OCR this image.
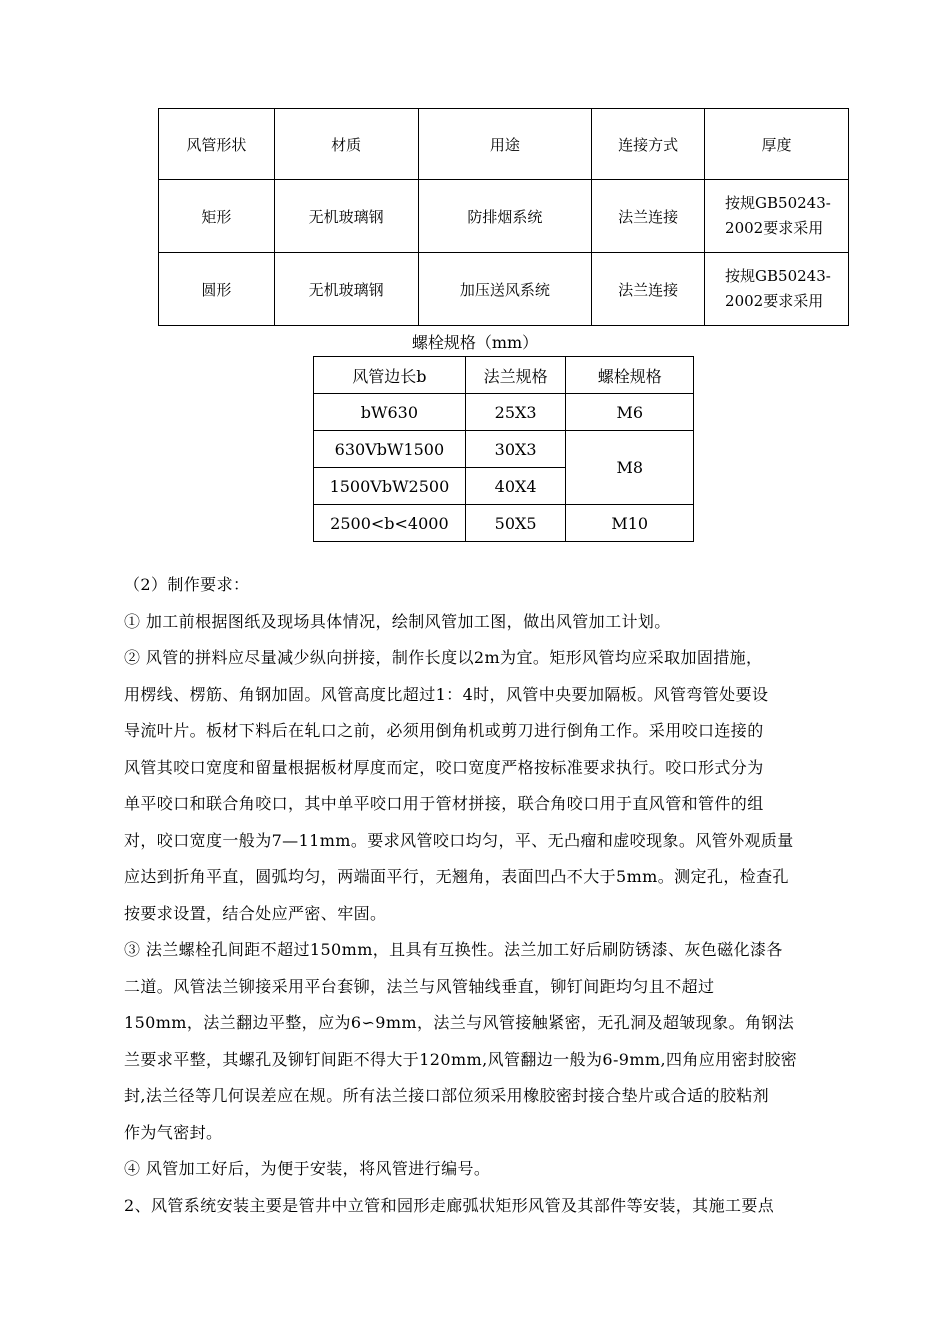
风管形状	材质	用途	连接方式	厚度
矩形	无机玻璃钢	防排烟系统	法兰连接	按规GB50243-
2002要求采用

圆形	无机玻璃钢	加压送风系统	法兰连接	按规GB50243-
2002要求采用
螺栓规格（mm）
风管边长b	法兰规格	螺栓规格
bW630	25X3	M6
630VbW1500	30X3	M8
1500VbW2500	40X4	
2500<b<4000	50X5	M10
（2）制作要求：
① 加工前根据图纸及现场具体情况，绘制风管加工图，做出风管加工计划。
② 风管的拼料应尽量减少纵向拼接，制作长度以2m为宜。矩形风管均应采取加固措施，
用楞线、楞筋、角钢加固。风管高度比超过1：4时，风管中央要加隔板。风管弯管处要设
导流叶片。板材下料后在轧口之前，必须用倒角机或剪刀进行倒角工作。采用咬口连接的
风管其咬口宽度和留量根据板材厚度而定，咬口宽度严格按标准要求执行。咬口形式分为
单平咬口和联合角咬口，其中单平咬口用于管材拼接，联合角咬口用于直风管和管件的组
对，咬口宽度一般为7—11mm。要求风管咬口均匀，平、无凸瘤和虚咬现象。风管外观质量
应达到折角平直，圆弧均匀，两端面平行，无翘角，表面凹凸不大于5mm。测定孔，检查孔
按要求设置，结合处应严密、牢固。
③ 法兰螺栓孔间距不超过150mm，且具有互换性。法兰加工好后刷防锈漆、灰色磁化漆各
二道。风管法兰铆接采用平台套铆，法兰与风管轴线垂直，铆钉间距均匀且不超过
150mm，法兰翻边平整，应为6∽9mm，法兰与风管接触紧密，无孔洞及超皱现象。角钢法
兰要求平整，其螺孔及铆钉间距不得大于120mm,风管翻边一般为6-9mm,四角应用密封胶密
封,法兰径等几何误差应在规。所有法兰接口部位须采用橡胶密封接合垫片或合适的胶粘剂
作为气密封。
④ 风管加工好后，为便于安装，将风管进行编号。
2、风管系统安装主要是管井中立管和园形走廊弧状矩形风管及其部件等安装，其施工要点
